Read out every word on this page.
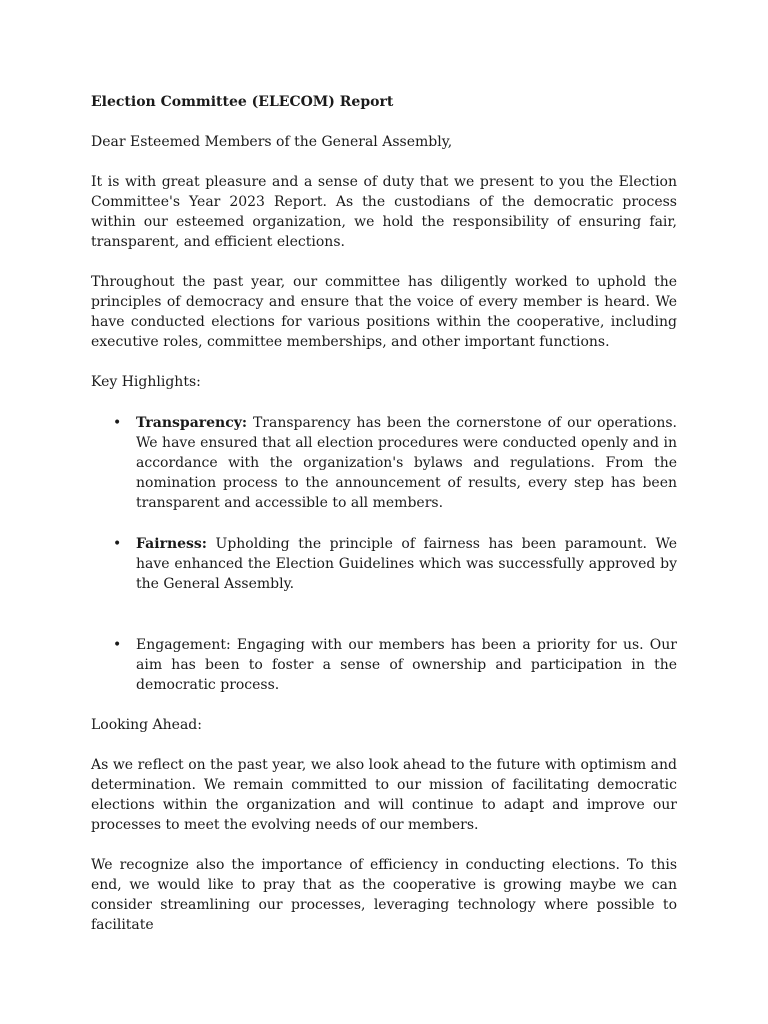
Election Committee (ELECOM) Report

Dear Esteemed Members of the General Assembly,

It is with great pleasure and a sense of duty that we present to you the Election Committee's Year 2023 Report. As the custodians of the democratic process within our esteemed organization, we hold the responsibility of ensuring fair, transparent, and efficient elections.

Throughout the past year, our committee has diligently worked to uphold the principles of democracy and ensure that the voice of every member is heard. We have conducted elections for various positions within the cooperative, including executive roles, committee memberships, and other important functions.

Key Highlights:

• Transparency: Transparency has been the cornerstone of our operations. We have ensured that all election procedures were conducted openly and in accordance with the organization's bylaws and regulations. From the nomination process to the announcement of results, every step has been transparent and accessible to all members.

• Fairness: Upholding the principle of fairness has been paramount. We have enhanced the Election Guidelines which was successfully approved by the General Assembly.

• Engagement: Engaging with our members has been a priority for us. Our aim has been to foster a sense of ownership and participation in the democratic process.

Looking Ahead:

As we reflect on the past year, we also look ahead to the future with optimism and determination. We remain committed to our mission of facilitating democratic elections within the organization and will continue to adapt and improve our processes to meet the evolving needs of our members.

We recognize also the importance of efficiency in conducting elections. To this end, we would like to pray that as the cooperative is growing maybe we can consider streamlining our processes, leveraging technology where possible to facilitate
